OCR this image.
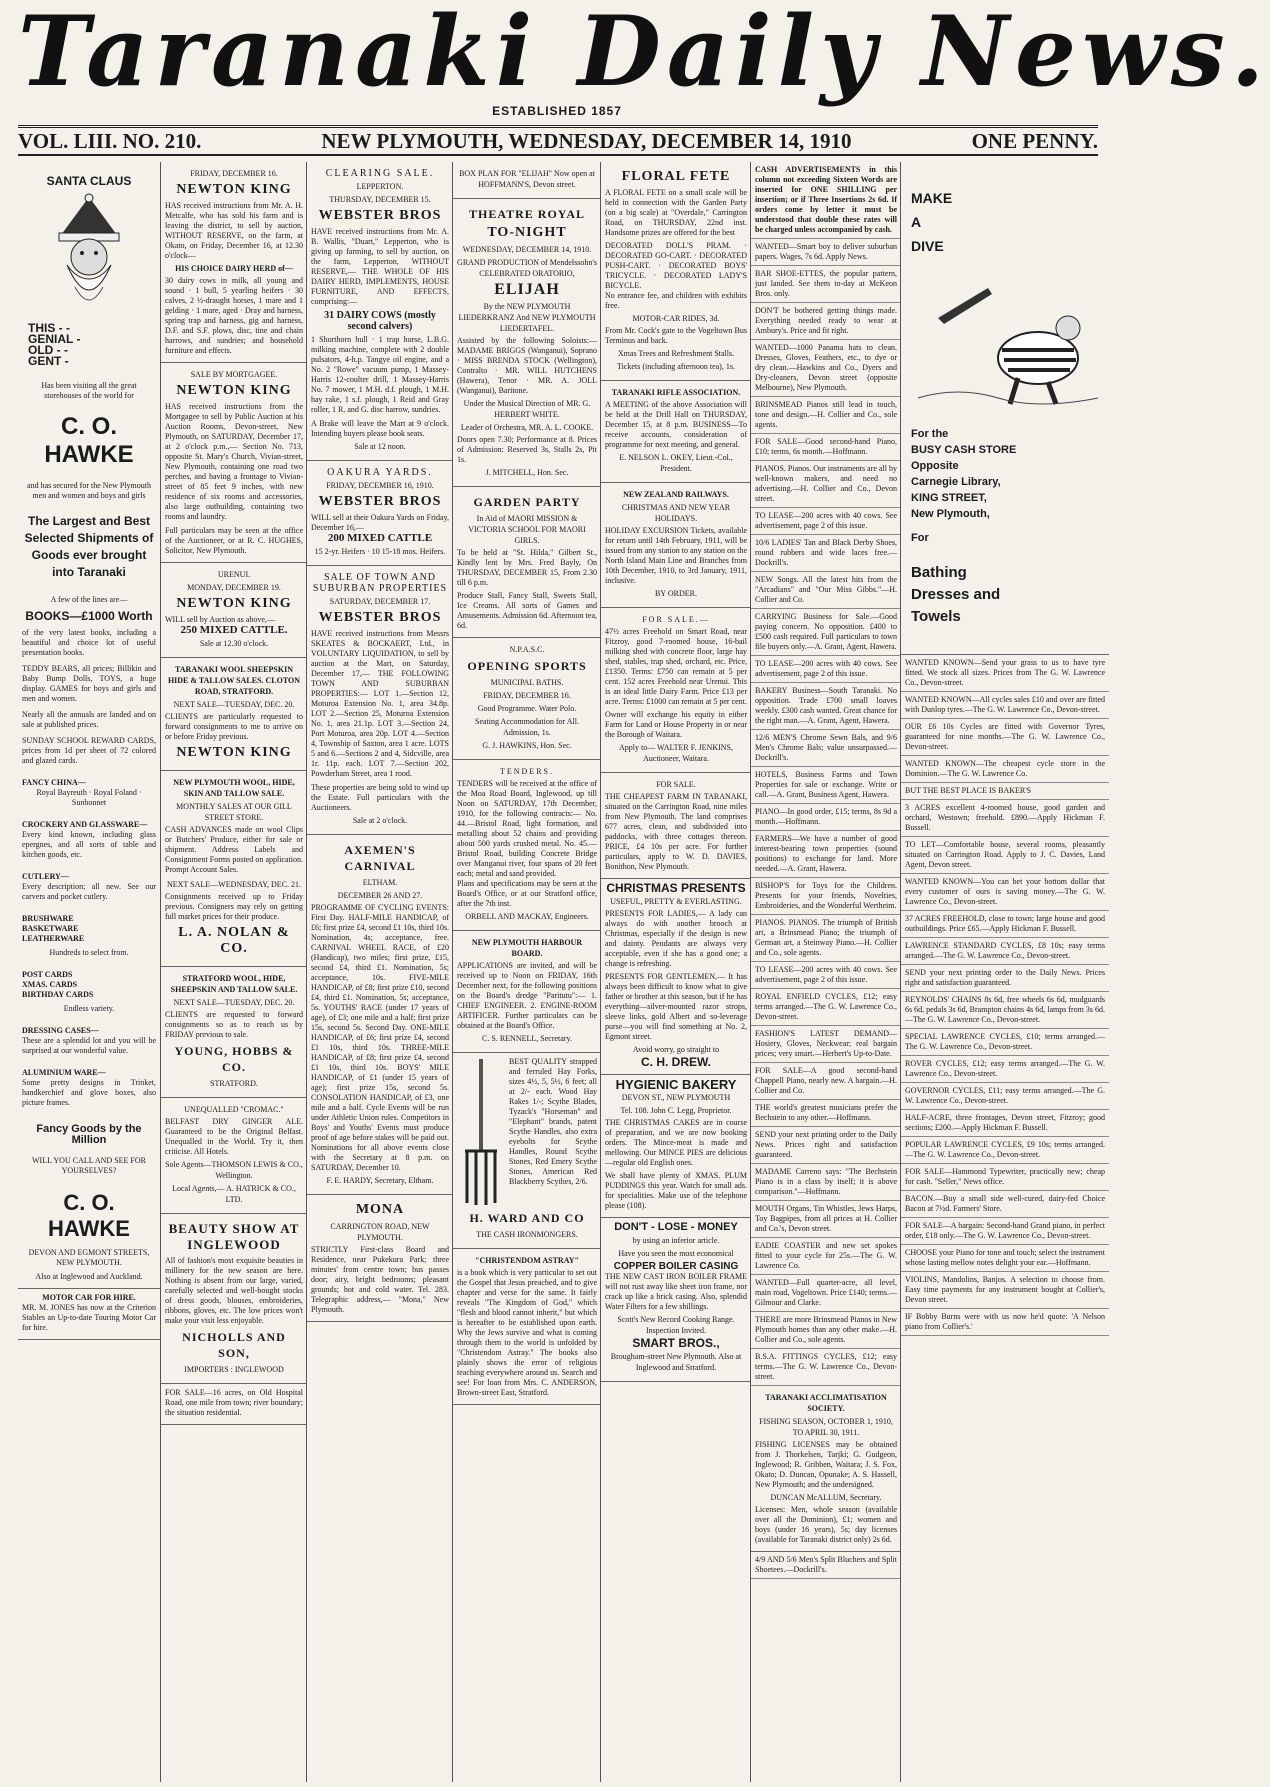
Taranaki Daily News.
ESTABLISHED 1857
VOL. LIII. NO. 210.	NEW PLYMOUTH, WEDNESDAY, DECEMBER 14, 1910	ONE PENNY.
SANTA CLAUS
THIS - -
GENIAL -
OLD - -
GENT -
Has been visiting all the great storehouses of the world for
C. O. HAWKE
and has secured for the New Plymouth men and women and boys and girls
The Largest and Best Selected Shipments of Goods ever brought into Taranaki
A few of the lines are—
BOOKS—£1000 Worth
of the very latest books, including a beautiful and choice lot of useful presentation books.
TEDDY BEARS, all prices; Billikin and Baby Bump Dolls, TOYS, a huge display. GAMES for boys and girls and men and women.
Nearly all the annuals are landed and on sale at published prices.
SUNDAY SCHOOL REWARD CARDS, prices from 1d per sheet of 72 colored and glazed cards.
FANCY CHINA—
Royal Bayreuth · Royal Foland · Sunbonnet
CROCKERY AND GLASSWARE—
Every kind known, including glass epergnes, and all sorts of table and kitchen goods, etc.
CUTLERY—
Every description; all new. See our carvers and pocket cutlery.
BRUSHWARE
BASKETWARE
LEATHERWARE
Hundreds to select from.
POST CARDS
XMAS. CARDS
BIRTHDAY CARDS
Endless variety.
DRESSING CASES—
These are a splendid lot and you will be surprised at our wonderful value.
ALUMINIUM WARE—
Some pretty designs in Trinket, handkerchief and glove boxes, also picture frames.
Fancy Goods by the Million
WILL YOU CALL AND SEE FOR YOURSELVES?
C. O. HAWKE
DEVON AND EGMONT STREETS,
NEW PLYMOUTH.
Also at Inglewood and Auckland.
MOTOR CAR FOR HIRE.
MR. M. JONES has now at the Criterion Stables an Up-to-date Touring Motor Car for hire.
FRIDAY, DECEMBER 16.
NEWTON KING
HAS received instructions from Mr. A. H. Metcalfe, who has sold his farm and is leaving the district, to sell by auction, WITHOUT RESERVE, on the farm, at Okato, on Friday, December 16, at 12.30 o'clock—
HIS CHOICE DAIRY HERD of—
30 dairy cows in milk, all young and sound · 1 bull, 5 yearling heifers · 30 calves, 2 ½-draught horses, 1 mare and 1 gelding · 1 mare, aged · Dray and harness, spring trap and harness, gig and harness, D.F. and S.F. plows, disc, tine and chain harrows, and sundries; and household furniture and effects.
SALE BY MORTGAGEE.
NEWTON KING
HAS received instructions from the Mortgagee to sell by Public Auction at his Auction Rooms, Devon-street, New Plymouth, on SATURDAY, December 17, at 2 o'clock p.m.,— Section No. 713, opposite St. Mary's Church, Vivian-street, New Plymouth, containing one road two perches, and having a frontage to Vivian-street of 85 feet 9 inches, with new residence of six rooms and accessories, also large outbuilding, containing two rooms and laundry.
Full particulars may be seen at the office of the Auctioneer, or at R. C. HUGHES, Solicitor, New Plymouth.
URENUI.
MONDAY, DECEMBER 19.
NEWTON KING
WILL sell by Auction as above,—
250 MIXED CATTLE.
Sale at 12.30 o'clock.
TARANAKI WOOL SHEEPSKIN HIDE & TALLOW SALES. CLOTON ROAD, STRATFORD.
NEXT SALE—TUESDAY, DEC. 20.
CLIENTS are particularly requested to forward consignments to me to arrive on or before Friday previous.
NEWTON KING
NEW PLYMOUTH WOOL, HIDE, SKIN AND TALLOW SALE.
MONTHLY SALES AT OUR GILL STREET STORE.
CASH ADVANCES made on wool Clips or Butchers' Produce, either for sale or shipment. Address Labels and Consignment Forms posted on application. Prompt Account Sales.
NEXT SALE—WEDNESDAY, DEC. 21.
Consignments received up to Friday previous. Consigners may rely on getting full market prices for their produce.
L. A. NOLAN & CO.
STRATFORD WOOL, HIDE, SHEEPSKIN AND TALLOW SALE.
NEXT SALE—TUESDAY, DEC. 20.
CLIENTS are requested to forward consignments so as to reach us by FRIDAY previous to sale.
YOUNG, HOBBS & CO.
STRATFORD.
UNEQUALLED "CROMAC."
BELFAST DRY GINGER ALE. Guaranteed to be the Original Belfast. Unequalled in the World. Try it, then criticise. All Hotels.
Sole Agents—THOMSON LEWIS & CO., Wellington.
Local Agents,— A. HATRICK & CO., LTD.
BEAUTY SHOW AT INGLEWOOD
All of fashion's most exquisite beauties in millinery for the new season are here. Nothing is absent from our large, varied, carefully selected and well-bought stocks of dress goods, blouses, embroideries, ribbons, gloves, etc. The low prices won't make your visit less enjoyable.
NICHOLLS AND SON,
IMPORTERS : INGLEWOOD
FOR SALE—16 acres, on Old Hospital Road, one mile from town; river boundary; the situation residential.
CLEARING SALE.
LEPPERTON.
THURSDAY, DECEMBER 15.
WEBSTER BROS
HAVE received instructions from Mr. A. B. Wallis, "Duart," Lepperton, who is giving up farming, to sell by auction, on the farm, Lepperton, WITHOUT RESERVE,— THE WHOLE OF HIS DAIRY HERD, IMPLEMENTS, HOUSE FURNITURE, AND EFFECTS, comprising:—
31 DAIRY COWS (mostly second calvers)
1 Shorthorn bull · 1 trap horse, L.B.G. milking machine, complete with 2 double pulsators, 4-h.p. Tangye oil engine, and a No. 2 "Rowe" vacuum pump, 1 Massey-Harris 12-coulter drill, 1 Massey-Harris No. 7 mower, 1 M.H. d.f. plough, 1 M.H. hay rake, 1 s.f. plough, 1 Reid and Gray roller, 1 R. and G. disc harrow, sundries.
A Brake will leave the Mart at 9 o'clock. Intending buyers please book seats.
Sale at 12 noon.
OAKURA YARDS.
FRIDAY, DECEMBER 16, 1910.
WEBSTER BROS
WILL sell at their Oakura Yards on Friday, December 16,—
200 MIXED CATTLE
15 2-yr. Heifers · 10 15-18 mos. Heifers.
SALE OF TOWN AND SUBURBAN PROPERTIES
SATURDAY, DECEMBER 17.
WEBSTER BROS
HAVE received instructions from Messrs SKEATES & BOCKAERT, Ltd., in VOLUNTARY LIQUIDATION, to sell by auction at the Mart, on Saturday, December 17,— THE FOLLOWING TOWN AND SUBURBAN PROPERTIES:— LOT 1.—Section 12, Moturoa Extension No. 1, area 34.8p. LOT 2.—Section 25, Moturoa Extension No. 1, area 21.1p. LOT 3.—Section 24, Port Moturoa, area 20p. LOT 4.—Section 4, Township of Saxton, area 1 acre. LOTS 5 and 6.—Sections 2 and 4, Sidcville, area 1r. 11p. each. LOT 7.—Section 202, Powderham Street, area 1 rood.
These properties are being sold to wind up the Estate. Full particulars with the Auctioneers.
Sale at 2 o'clock.
AXEMEN'S CARNIVAL
ELTHAM.
DECEMBER 26 AND 27.
PROGRAMME OF CYCLING EVENTS: First Day. HALF-MILE HANDICAP, of £6; first prize £4, second £1 10s, third 10s. Nomination, 4s; acceptance, free. CARNIVAL WHEEL RACE, of £20 (Handicap), two miles; first prize, £15, second £4, third £1. Nomination, 5s; acceptance, 10s. FIVE-MILE HANDICAP, of £8; first prize £10, second £4, third £1. Nomination, 5s; acceptance, 5s. YOUTHS' RACE (under 17 years of age), of £3; one mile and a half; first prize 15s, second 5s. Second Day. ONE-MILE HANDICAP, of £6; first prize £4, second £1 10s, third 10s. THREE-MILE HANDICAP, of £8; first prize £4, second £1 10s, third 10s. BOYS' MILE HANDICAP, of £1 (under 15 years of age); first prize 15s, second 5s. CONSOLATION HANDICAP, of £3, one mile and a half. Cycle Events will be run under Athletic Union rules. Competitors in Boys' and Youths' Events must produce proof of age before stakes will be paid out. Nominations for all above events close with the Secretary at 8 p.m. on SATURDAY, December 10.
F. E. HARDY, Secretary, Eltham.
MONA
CARRINGTON ROAD, NEW PLYMOUTH.
STRICTLY First-class Board and Residence, near Pukekura Park; three minutes' from centre town; bus passes door; airy, bright bedrooms; pleasant grounds; hot and cold water. Tel. 283. Telegraphic address,— "Mona," New Plymouth.
BOX PLAN FOR "ELIJAH" Now open at HOFFMANN'S, Devon street.
THEATRE ROYAL
TO-NIGHT
WEDNESDAY, DECEMBER 14, 1910.
GRAND PRODUCTION of Mendelssohn's CELEBRATED ORATORIO,
ELIJAH
By the NEW PLYMOUTH LIEDERKRANZ And NEW PLYMOUTH LIEDERTAFEL.
Assisted by the following Soloists:— MADAME BRIGGS (Wanganui), Soprano · MISS BRENDA STOCK (Wellington), Contralto · MR. WILL HUTCHENS (Hawera), Tenor · MR. A. JOLL (Wanganui), Baritone.
Under the Musical Direction of MR. G. HERBERT WHITE.
Leader of Orchestra, MR. A. L. COOKE.
Doors open 7.30; Performance at 8. Prices of Admission: Reserved 3s, Stalls 2s, Pit 1s.
J. MITCHELL, Hon. Sec.
GARDEN PARTY
In Aid of MAORI MISSION & VICTORIA SCHOOL FOR MAORI GIRLS.
To be held at "St. Hilda," Gilbert St., Kindly lent by Mrs. Fred Bayly, On THURSDAY, DECEMBER 15, From 2.30 till 6 p.m.
Produce Stall, Fancy Stall, Sweets Stall, Ice Creams. All sorts of Games and Amusements. Admission 6d. Afternoon tea, 6d.
N.P.A.S.C.
OPENING SPORTS
MUNICIPAL BATHS.
FRIDAY, DECEMBER 16.
Good Programme. Water Polo.
Seating Accommodation for All. Admission, 1s.
G. J. HAWKINS, Hon. Sec.
TENDERS.
TENDERS will be received at the office of the Moa Road Board, Inglewood, up till Noon on SATURDAY, 17th December, 1910, for the following contracts:— No. 44.—Bristol Road, light formation, and metalling about 52 chains and providing about 500 yards crushed metal. No. 45.—Bristol Road, building Concrete Bridge over Manganui river, four spans of 20 feet each; metal and sand provided.
Plans and specifications may be seen at the Board's Office, or at our Stratford office, after the 7th inst.
ORBELL AND MACKAY, Engineers.
NEW PLYMOUTH HARBOUR BOARD.
APPLICATIONS are invited, and will be received up to Noon on FRIDAY, 16th December next, for the following positions on the Board's dredge "Paritutu":— 1. CHIEF ENGINEER. 2. ENGINE-ROOM ARTIFICER. Further particulars can be obtained at the Board's Office.
C. S. RENNELL, Secretary.
BEST QUALITY strapped and ferruled Hay Forks, sizes 4½, 5, 5½, 6 feet; all at 2/- each. Wood Hay Rakes 1/-; Scythe Blades, Tyzack's "Horseman" and "Elephant" brands, patent Scythe Handles, also extra eyebolts for Scythe Handles, Round Scythe Stones, Red Emery Scythe Stones, American Red Blackberry Scythes, 2/6.
H. WARD AND CO
THE CASH IRONMONGERS.
"CHRISTENDOM ASTRAY"
is a book which is very particular to set out the Gospel that Jesus preached, and to give chapter and verse for the same. It fairly reveals "The Kingdom of God," which "flesh and blood cannot inherit," but which is hereafter to be established upon earth. Why the Jews survive and what is coming through them to the world is unfolded by "Christendom Astray." The books also plainly shows the error of religious teaching everywhere around us. Search and see! For loan from Mrs. C. ANDERSON, Brown-street East, Stratford.
FLORAL FETE
A FLORAL FETE on a small scale will be held in connection with the Garden Party (on a big scale) at "Overdale," Carrington Road, on THURSDAY, 22nd inst. Handsome prizes are offered for the best
DECORATED DOLL'S PRAM. · DECORATED GO-CART. · DECORATED PUSH-CART. · DECORATED BOYS' TRICYCLE. · DECORATED LADY'S BICYCLE.
No entrance fee, and children with exhibits free.
MOTOR-CAR RIDES, 3d.
From Mr. Cock's gate to the Vogeltown Bus Terminus and back.
Xmas Trees and Refreshment Stalls.
Tickets (including afternoon tea), 1s.
TARANAKI RIFLE ASSOCIATION.
A MEETING of the above Association will be held at the Drill Hall on THURSDAY, December 15, at 8 p.m. BUSINESS—To receive accounts, consideration of programme for next meeting, and general.
E. NELSON L. OKEY, Lieut.-Col., President.
NEW ZEALAND RAILWAYS.
CHRISTMAS AND NEW YEAR HOLIDAYS.
HOLIDAY EXCURSION Tickets, available for return until 14th February, 1911, will be issued from any station to any station on the North Island Main Line and Branches from 10th December, 1910, to 3rd January, 1911, inclusive.
BY ORDER.
FOR SALE.—
47½ acres Freehold on Smart Road, near Fitzroy, good 7-roomed house, 16-bail milking shed with concrete floor, large hay shed, stables, trap shed, orchard, etc. Price, £1350. Terms: £750 can remain at 5 per cent. 152 acres Freehold near Urenui. This is an ideal little Dairy Farm. Price £13 per acre. Terms: £1000 can remain at 5 per cent.
Owner will exchange his equity in either Farm for Land or House Property in or near the Borough of Waitara.
Apply to— WALTER F. JENKINS, Auctioneer, Waitara.
FOR SALE.
THE CHEAPEST FARM IN TARANAKI, situated on the Carrington Road, nine miles from New Plymouth. The land comprises 677 acres, clean, and subdivided into paddocks, with three cottages thereon. PRICE, £4 10s per acre. For further particulars, apply to W. D. DAVIES, Bonithon, New Plymouth.
CHRISTMAS PRESENTS
USEFUL, PRETTY & EVERLASTING.
PRESENTS FOR LADIES,— A lady can always do with another brooch at Christmas, especially if the design is new and dainty. Pendants are always very acceptable, even if she has a good one; a change is refreshing.
PRESENTS FOR GENTLEMEN,— It has always been difficult to know what to give father or brother at this season, but if he has everything—silver-mounted razor strops, sleeve links, gold Albert and so-leverage purse—you will find something at No. 2, Egmont street.
Avoid worry, go straight to
C. H. DREW.
HYGIENIC BAKERY
DEVON ST., NEW PLYMOUTH
Tel. 108. John C. Legg, Proprietor.
THE CHRISTMAS CAKES are in course of preparation, and we are now booking orders. The Mince-meat is made and mellowing. Our MINCE PIES are delicious—regular old English ones.
We shall have plenty of XMAS. PLUM PUDDINGS this year. Watch for small ads. for specialities. Make use of the telephone please (108).
DON'T - LOSE - MONEY
by using an inferior article.
Have you seen the most economical
COPPER BOILER CASING
THE NEW CAST IRON BOILER FRAME will not rust away like sheet iron frame, nor crack up like a brick casing. Also, splendid Water Filters for a few shillings.
Scott's New Record Cooking Range. Inspection Invited.
SMART BROS.,
Brougham-street New Plymouth. Also at Inglewood and Stratford.
CASH ADVERTISEMENTS in this column not exceeding Sixteen Words are inserted for ONE SHILLING per insertion; or if Three Insertions 2s 6d. If orders come by letter it must be understood that double these rates will be charged unless accompanied by cash.
WANTED—Smart boy to deliver suburban papers. Wages, 7s 6d. Apply News.
BAR SHOE-ETTES, the popular pattern, just landed. See them to-day at McKeon Bros. only.
DON'T be bothered getting things made. Everything needed ready to wear at Ambury's. Price and fit right.
WANTED—1000 Panama hats to clean. Dresses, Gloves, Feathers, etc., to dye or dry clean.—Hawkins and Co., Dyers and Dry-cleaners, Devon street (opposite Melbourne), New Plymouth.
BRINSMEAD Pianos still lead in touch, tone and design.—H. Collier and Co., sole agents.
FOR SALE—Good second-hand Piano, £10; terms, 6s month.—Hoffmann.
PIANOS. Pianos. Our instruments are all by well-known makers, and need no advertising.—H. Collier and Co., Devon street.
TO LEASE—200 acres with 40 cows. See advertisement, page 2 of this issue.
10/6 LADIES' Tan and Black Derby Shoes, round rubbers and wide laces free.—Dockrill's.
NEW Songs. All the latest hits from the "Arcadians" and "Our Miss Gibbs."—H. Collier and Co.
CARRYING Business for Sale.—Good paying concern. No opposition. £400 to £500 cash required. Full particulars to town file buyers only.—A. Grant, Agent, Hawera.
TO LEASE—200 acres with 40 cows. See advertisement, page 2 of this issue.
BAKERY Business—South Taranaki. No opposition. Trade £700 small loaves weekly. £300 cash wanted. Great chance for the right man.—A. Grant, Agent, Hawera.
12/6 MEN'S Chrome Sewn Bals, and 9/6 Men's Chrome Bals; value unsurpassed.—Dockrill's.
HOTELS, Business Farms and Town Properties for sale or exchange. Write or call.—A. Grant, Business Agent, Hawera.
PIANO—In good order, £15; terms, 8s 9d a month.—Hoffmann.
FARMERS—We have a number of good interest-bearing town properties (sound positions) to exchange for land. More needed.—A. Grant, Hawera.
BISHOP'S for Toys for the Children. Presents for your friends, Novelties, Embroideries, and the Wonderful Wertheim.
PIANOS. PIANOS. The triumph of British art, a Brinsmead Piano; the triumph of German art, a Steinway Piano.—H. Collier and Co., sole agents.
TO LEASE—200 acres with 40 cows. See advertisement, page 2 of this issue.
ROYAL ENFIELD CYCLES, £12; easy terms arranged.—The G. W. Lawrence Co., Devon-street.
FASHION'S LATEST DEMAND—Hosiery, Gloves, Neckwear; real bargain prices; very smart.—Herbert's Up-to-Date.
FOR SALE—A good second-hand Chappell Piano, nearly new. A bargain.—H. Collier and Co.
THE world's greatest musicians prefer the Bechstein to any other.—Hoffmann.
SEND your next printing order to the Daily News. Prices right and satisfaction guaranteed.
MADAME Carreno says: "The Bechstein Piano is in a class by itself; it is above comparison."—Hoffmann.
MOUTH Organs, Tin Whistles, Jews Harps, Toy Bagpipes, from all prices at H. Collier and Co.'s, Devon street.
EADIE COASTER and new set spokes fitted to your cycle for 25s.—The G. W. Lawrence Co.
WANTED—Full quarter-acre, all level, main road, Vogeltown. Price £140; terms.—Gilmour and Clarke.
THERE are more Brinsmead Pianos in New Plymouth homes than any other make.—H. Collier and Co., sole agents.
B.S.A. FITTINGS CYCLES, £12; easy terms.—The G. W. Lawrence Co., Devon-street.
TARANAKI ACCLIMATISATION SOCIETY.
FISHING SEASON, OCTOBER 1, 1910, TO APRIL 30, 1911.
FISHING LICENSES may be obtained from J. Thorkelsen, Tarjki; G. Gudgeon, Inglewood; R. Gribben, Waitara; J. S. Fox, Okato; D. Duncan, Opunake; A. S. Hassell, New Plymouth; and the undersigned.
DUNCAN McALLUM, Secretary.
Licenses: Men, whole season (available over all the Dominion), £1; women and boys (under 16 years), 5s; day licenses (available for Taranaki district only) 2s 6d.
4/9 AND 5/6 Men's Split Bluchers and Split Shoetees.—Dockrill's.
MAKE
A
DIVE
For the
BUSY CASH STORE
Opposite
Carnegie Library,
KING STREET,
New Plymouth,
For
Bathing
Dresses and
Towels
WANTED KNOWN—Send your grass to us to have tyre fitted. We stock all sizes. Prices from The G. W. Lawrence Co., Devon-street.
WANTED KNOWN—All cycles sales £10 and over are fitted with Dunlop tyres.—The G. W. Lawrence Co., Devon-street.
OUR £6 10s Cycles are fitted with Governor Tyres, guaranteed for nine months.—The G. W. Lawrence Co., Devon-street.
WANTED KNOWN—The cheapest cycle store in the Dominion.—The G. W. Lawrence Co.
BUT THE BEST PLACE IS BAKER'S
3 ACRES excellent 4-roomed house, good garden and orchard, Westown; freehold. £890.—Apply Hickman F. Bussell.
TO LET—Comfortable house, several rooms, pleasantly situated on Carrington Road. Apply to J. C. Davies, Land Agent, Devon street.
WANTED KNOWN—You can bet your bottom dollar that every customer of ours is saving money.—The G. W. Lawrence Co., Devon-street.
37 ACRES FREEHOLD, close to town; large house and good outbuildings. Price £65.—Apply Hickman F. Bussell.
LAWRENCE STANDARD CYCLES, £8 10s; easy terms arranged.—The G. W. Lawrence Co., Devon-street.
SEND your next printing order to the Daily News. Prices right and satisfaction guaranteed.
REYNOLDS' CHAINS 8s 6d, free wheels 6s 6d, mudguards 6s 6d, pedals 3s 6d, Brampton chains 4s 6d, lamps from 3s 6d.—The G. W. Lawrence Co., Devon-street.
SPECIAL LAWRENCE CYCLES, £10; terms arranged.—The G. W. Lawrence Co., Devon-street.
ROVER CYCLES, £12; easy terms arranged.—The G. W. Lawrence Co., Devon-street.
GOVERNOR CYCLES, £11; easy terms arranged.—The G. W. Lawrence Co., Devon-street.
HALF-ACRE, three frontages, Devon street, Fitzroy; good sections; £200.—Apply Hickman F. Bussell.
POPULAR LAWRENCE CYCLES, £9 10s; terms arranged.—The G. W. Lawrence Co., Devon-street.
FOR SALE—Hammond Typewriter, practically new; cheap for cash. "Seller," News office.
BACON.—Buy a small side well-cured, dairy-fed Choice Bacon at 7½d. Farmers' Store.
FOR SALE—A bargain: Second-hand Grand piano, in perfect order, £18 only.—The G. W. Lawrence Co., Devon-street.
CHOOSE your Piano for tone and touch; select the instrument whose lasting mellow notes delight your ear.—Hoffmann.
VIOLINS, Mandolins, Banjos. A selection to choose from. Easy time payments for any instrument bought at Collier's, Devon street.
IF Bobby Burns were with us now he'd quote: 'A Nelson piano from Collier's.'
